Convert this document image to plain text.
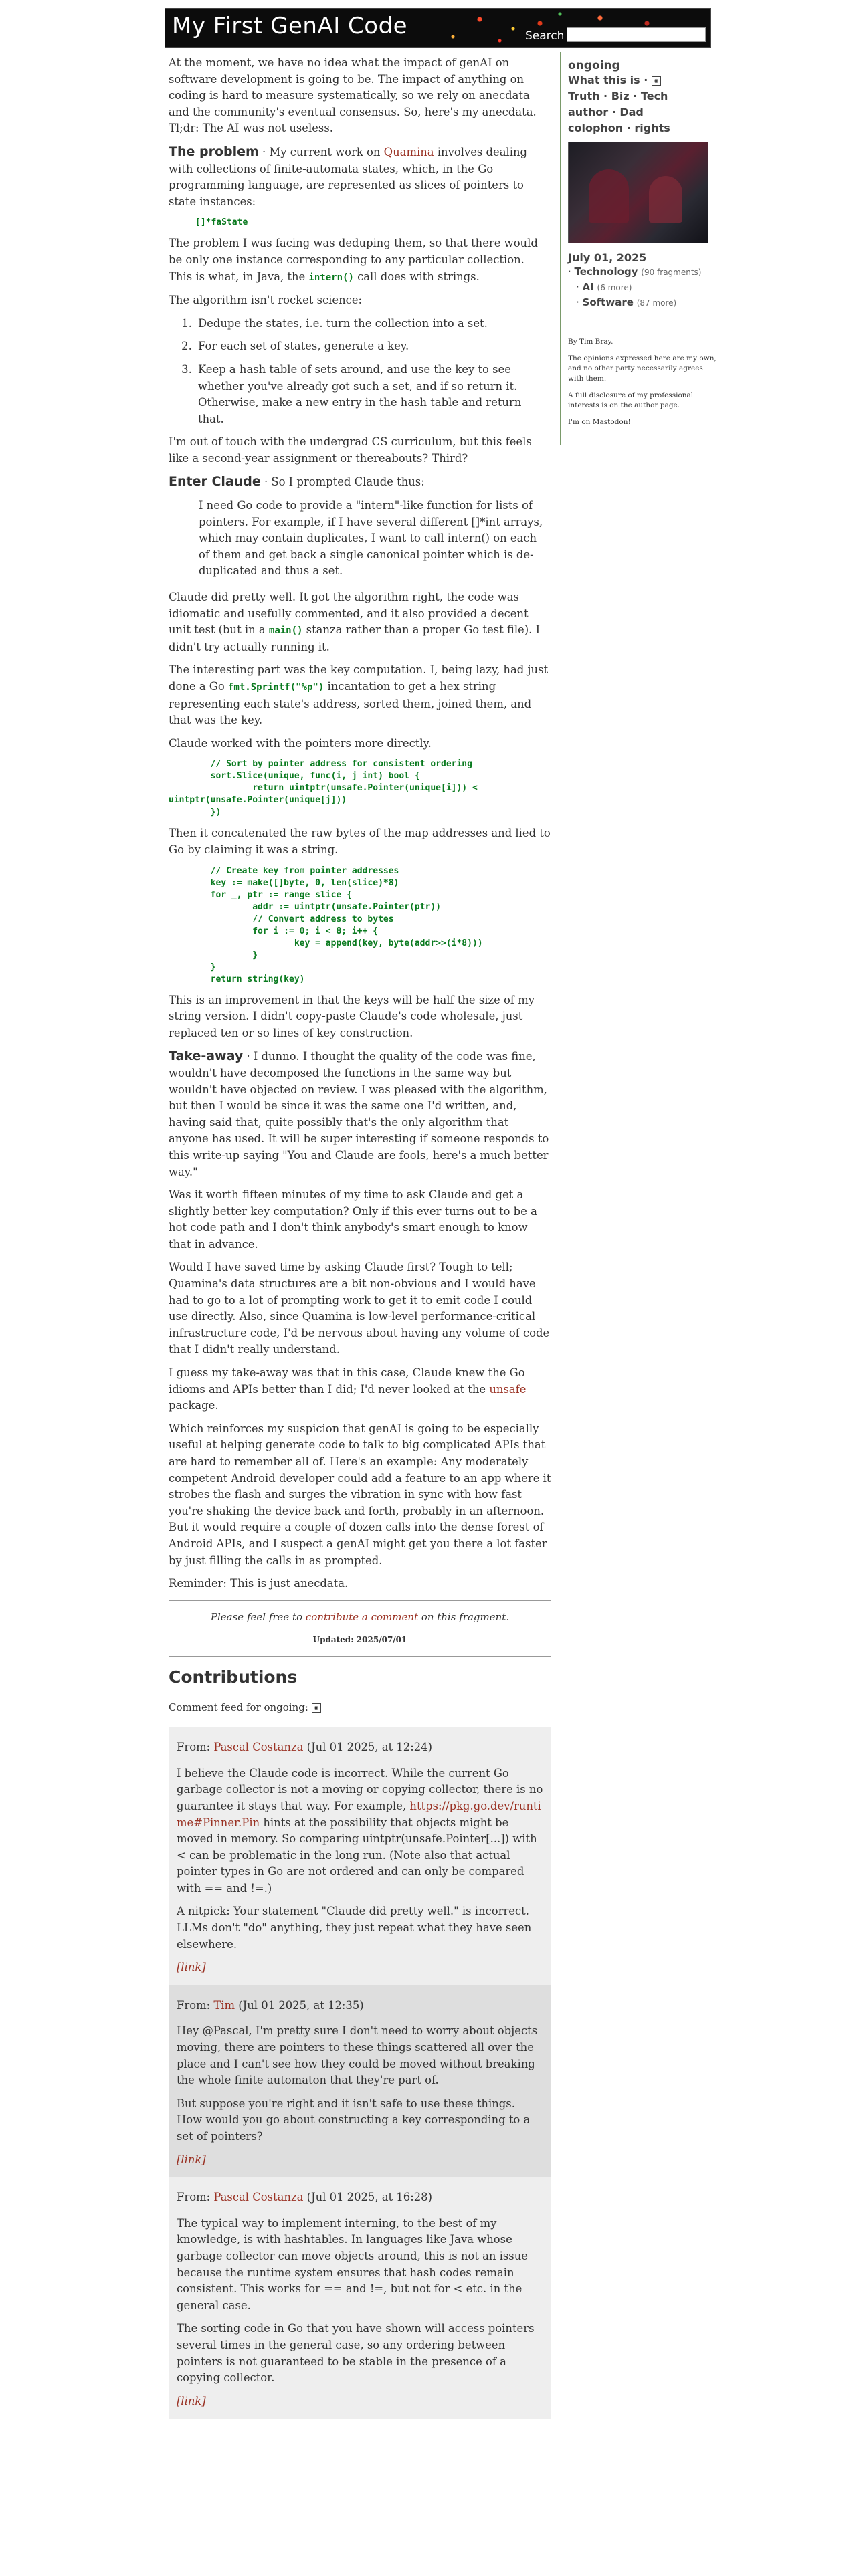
My First GenAI Code	Search

At the moment, we have no idea what the impact of genAI on software development is going to be. The impact of anything on coding is hard to measure systematically, so we rely on anecdata and the community's eventual consensus. So, here's my anecdata. Tl;dr: The AI was not useless.

The problem · My current work on Quamina involves dealing with collections of finite-automata states, which, in the Go programming language, are represented as slices of pointers to state instances:

[]*faState

The problem I was facing was deduping them, so that there would be only one instance corresponding to any particular collection. This is what, in Java, the intern() call does with strings.

The algorithm isn't rocket science:

1. Dedupe the states, i.e. turn the collection into a set.
2. For each set of states, generate a key.
3. Keep a hash table of sets around, and use the key to see whether you've already got such a set, and if so return it. Otherwise, make a new entry in the hash table and return that.

I'm out of touch with the undergrad CS curriculum, but this feels like a second-year assignment or thereabouts? Third?

Enter Claude · So I prompted Claude thus:

I need Go code to provide a "intern"-like function for lists of pointers. For example, if I have several different []*int arrays, which may contain duplicates, I want to call intern() on each of them and get back a single canonical pointer which is de-duplicated and thus a set.

Claude did pretty well. It got the algorithm right, the code was idiomatic and usefully commented, and it also provided a decent unit test (but in a main() stanza rather than a proper Go test file). I didn't try actually running it.

The interesting part was the key computation. I, being lazy, had just done a Go fmt.Sprintf("%p") incantation to get a hex string representing each state's address, sorted them, joined them, and that was the key.

Claude worked with the pointers more directly.

// Sort by pointer address for consistent ordering
sort.Slice(unique, func(i, j int) bool {
return uintptr(unsafe.Pointer(unique[i])) <
uintptr(unsafe.Pointer(unique[j]))
})

Then it concatenated the raw bytes of the map addresses and lied to Go by claiming it was a string.

// Create key from pointer addresses
key := make([]byte, 0, len(slice)*8)
for _, ptr := range slice {
addr := uintptr(unsafe.Pointer(ptr))
// Convert address to bytes
for i := 0; i < 8; i++ {
key = append(key, byte(addr>>(i*8)))
}
}
return string(key)

This is an improvement in that the keys will be half the size of my string version. I didn't copy-paste Claude's code wholesale, just replaced ten or so lines of key construction.

Take-away · I dunno. I thought the quality of the code was fine, wouldn't have decomposed the functions in the same way but wouldn't have objected on review. I was pleased with the algorithm, but then I would be since it was the same one I'd written, and, having said that, quite possibly that's the only algorithm that anyone has used. It will be super interesting if someone responds to this write-up saying "You and Claude are fools, here's a much better way."

Was it worth fifteen minutes of my time to ask Claude and get a slightly better key computation? Only if this ever turns out to be a hot code path and I don't think anybody's smart enough to know that in advance.

Would I have saved time by asking Claude first? Tough to tell; Quamina's data structures are a bit non-obvious and I would have had to go to a lot of prompting work to get it to emit code I could use directly. Also, since Quamina is low-level performance-critical infrastructure code, I'd be nervous about having any volume of code that I didn't really understand.

I guess my take-away was that in this case, Claude knew the Go idioms and APIs better than I did; I'd never looked at the unsafe package.

Which reinforces my suspicion that genAI is going to be especially useful at helping generate code to talk to big complicated APIs that are hard to remember all of. Here's an example: Any moderately competent Android developer could add a feature to an app where it strobes the flash and surges the vibration in sync with how fast you're shaking the device back and forth, probably in an afternoon. But it would require a couple of dozen calls into the dense forest of Android APIs, and I suspect a genAI might get you there a lot faster by just filling the calls in as prompted.

Reminder: This is just anecdata.

Please feel free to contribute a comment on this fragment.

Updated: 2025/07/01
Contributions
Comment feed for ongoing: ◉

From: Pascal Costanza (Jul 01 2025, at 12:24)

I believe the Claude code is incorrect. While the current Go garbage collector is not a moving or copying collector, there is no guarantee it stays that way. For example, https://pkg.go.dev/runtime#Pinner.Pin hints at the possibility that objects might be moved in memory. So comparing uintptr(unsafe.Pointer[...]) with < can be problematic in the long run. (Note also that actual pointer types in Go are not ordered and can only be compared with == and !=.)

A nitpick: Your statement "Claude did pretty well." is incorrect. LLMs don't "do" anything, they just repeat what they have seen elsewhere.

[link]

From: Tim (Jul 01 2025, at 12:35)

Hey @Pascal, I'm pretty sure I don't need to worry about objects moving, there are pointers to these things scattered all over the place and I can't see how they could be moved without breaking the whole finite automaton that they're part of.

But suppose you're right and it isn't safe to use these things. How would you go about constructing a key corresponding to a set of pointers?

[link]

From: Pascal Costanza (Jul 01 2025, at 16:28)

The typical way to implement interning, to the best of my knowledge, is with hashtables. In languages like Java whose garbage collector can move objects around, this is not an issue because the runtime system ensures that hash codes remain consistent. This works for == and !=, but not for < etc. in the general case.

The sorting code in Go that you have shown will access pointers several times in the general case, so any ordering between pointers is not guaranteed to be stable in the presence of a copying collector.

[link]

ongoing
What this is · ◉
Truth · Biz · Tech
author · Dad
colophon · rights
July 01, 2025
· Technology (90 fragments)
· AI (6 more)
· Software (87 more)
By Tim Bray.
The opinions expressed here are my own, and no other party necessarily agrees with them.
A full disclosure of my professional interests is on the author page.
I'm on Mastodon!
